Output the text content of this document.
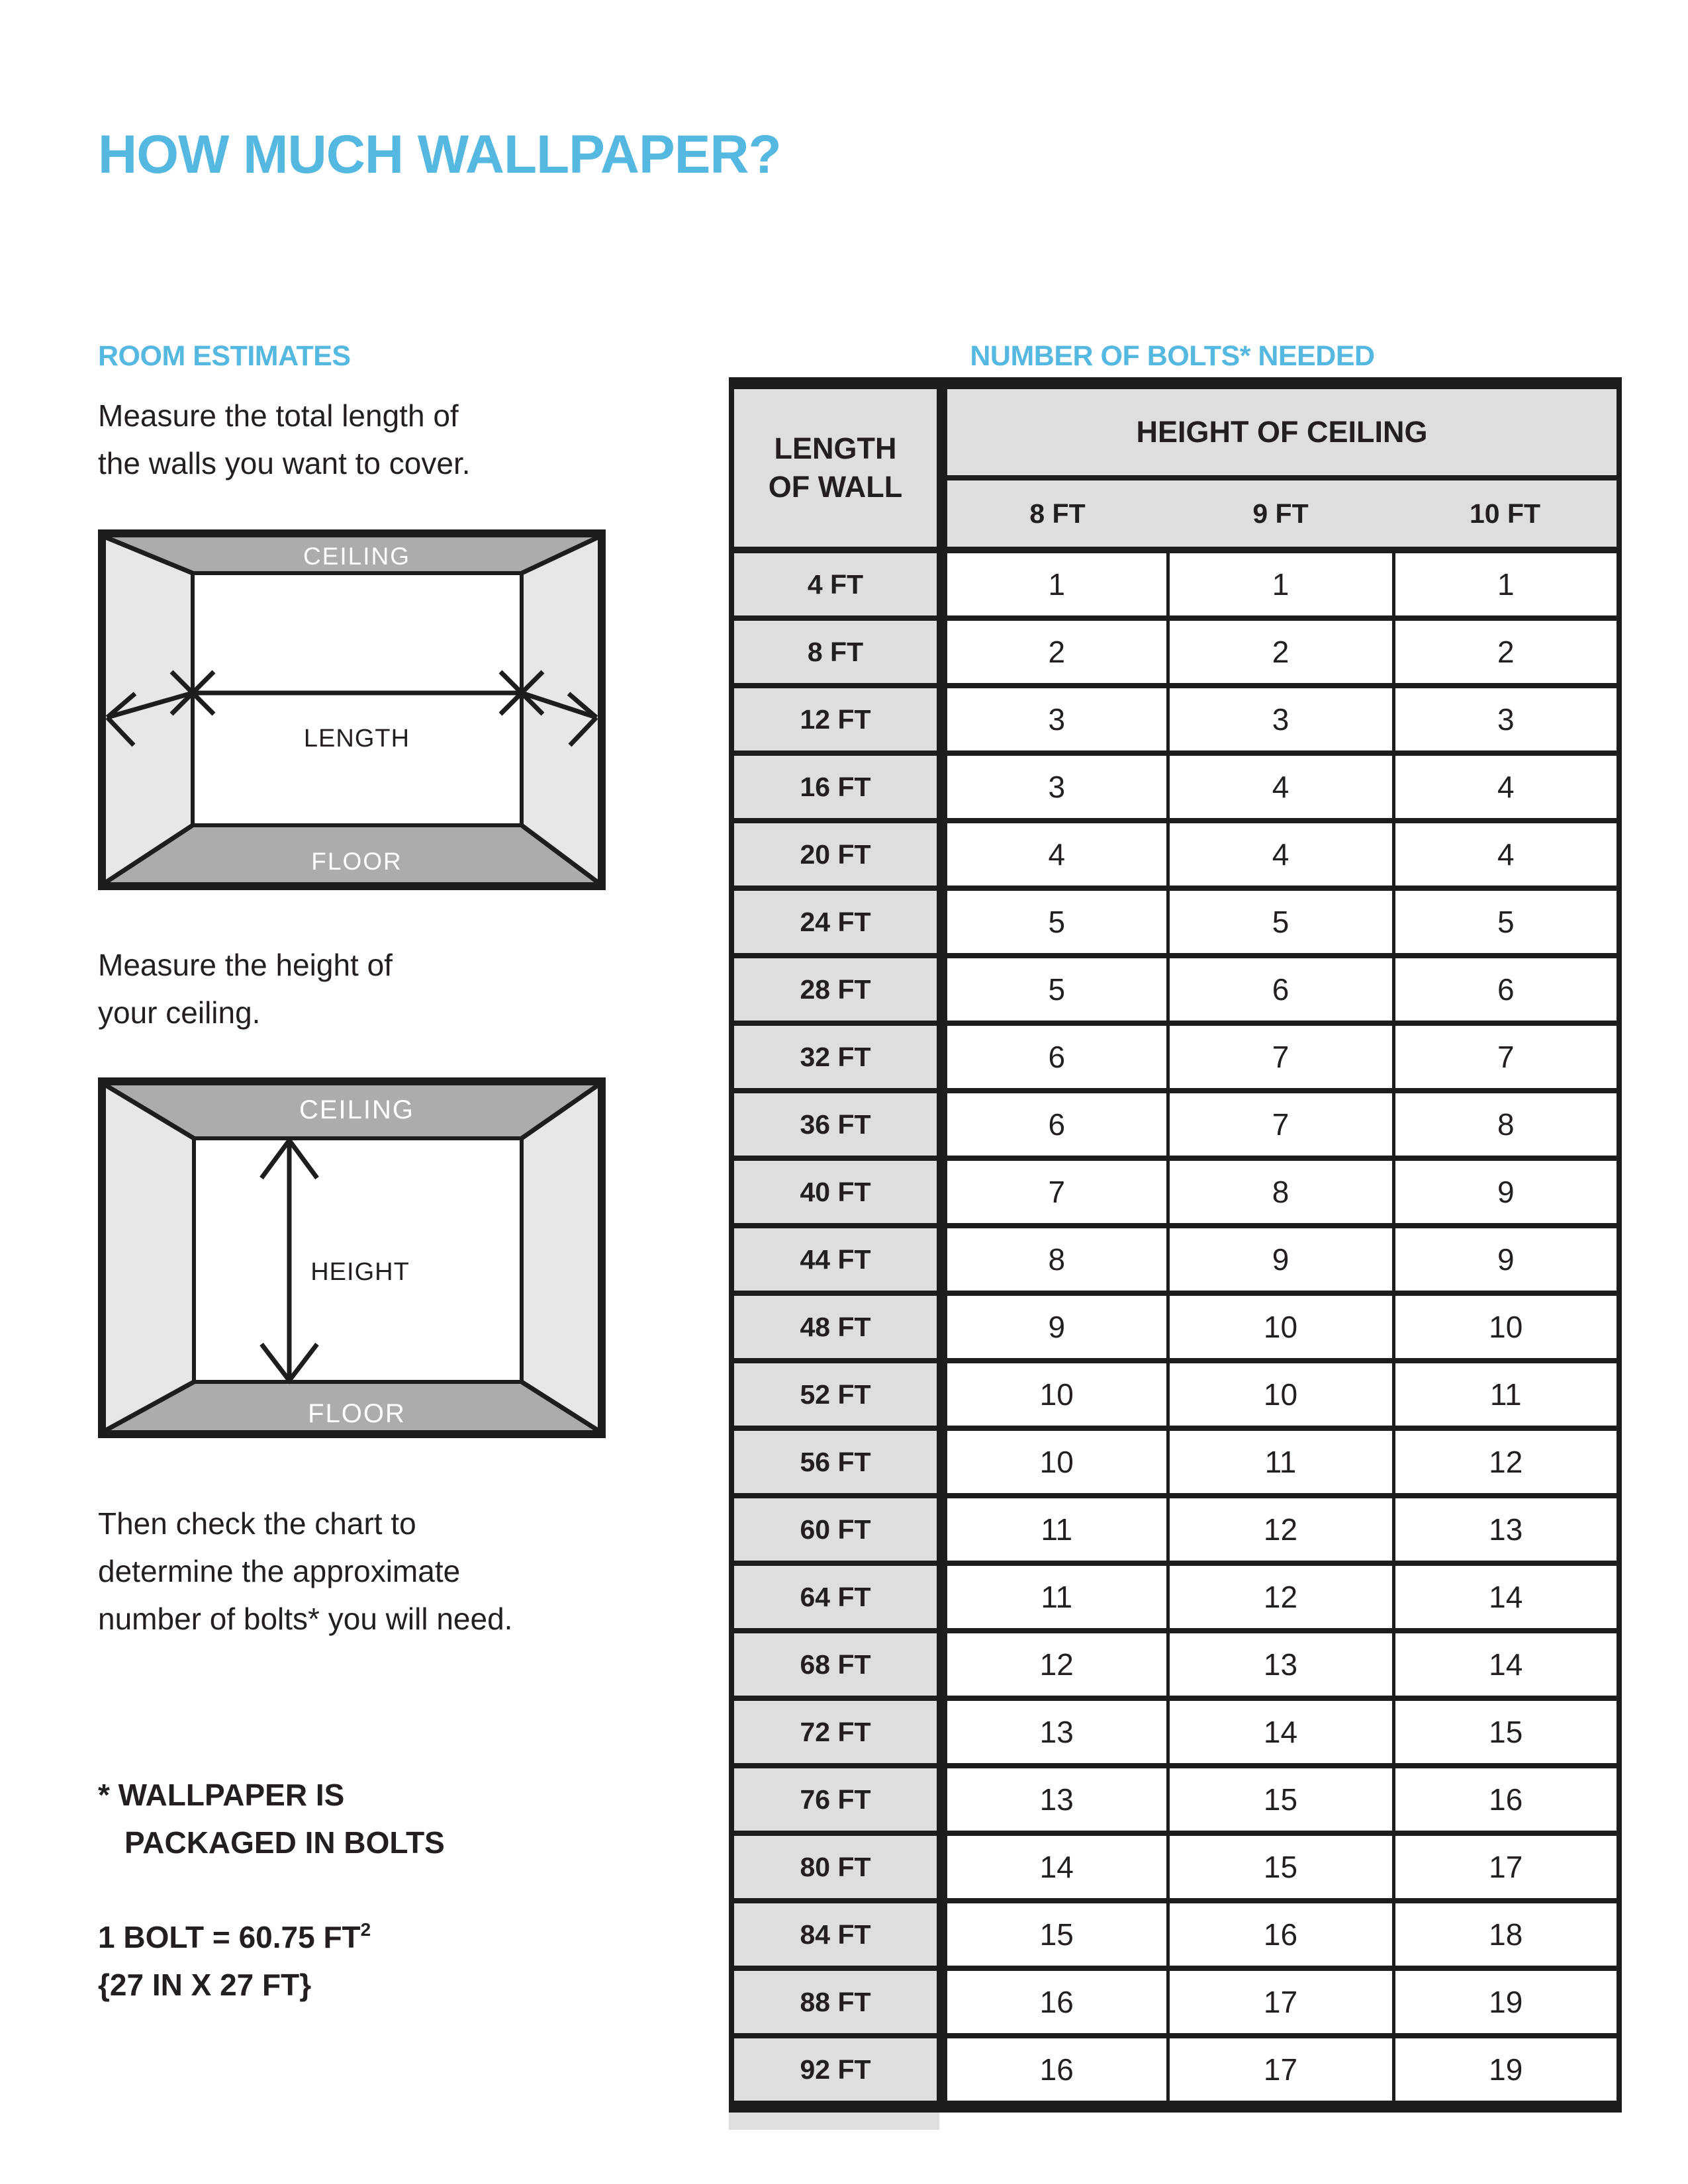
HOW MUCH WALLPAPER?
ROOM ESTIMATES
Measure the total length of
the walls you want to cover.
CEILING
FLOOR
LENGTH
Measure the height of
your ceiling.
CEILING
FLOOR
HEIGHT
Then check the chart to
determine the approximate
number of bolts* you will need.
* WALLPAPER IS
PACKAGED IN BOLTS
1 BOLT = 60.75 $FT^2$
{27 IN X 27 FT}
NUMBER OF BOLTS* NEEDED
LENGTH
OF WALL	HEIGHT OF CEILING		
	8 FT	9 FT	10 FT
4 FT	1	1	1
8 FT	2	2	2
12 FT	3	3	3
16 FT	3	4	4
20 FT	4	4	4
24 FT	5	5	5
28 FT	5	6	6
32 FT	6	7	7
36 FT	6	7	8
40 FT	7	8	9
44 FT	8	9	9
48 FT	9	10	10
52 FT	10	10	11
56 FT	10	11	12
60 FT	11	12	13
64 FT	11	12	14
68 FT	12	13	14
72 FT	13	14	15
76 FT	13	15	16
80 FT	14	15	17
84 FT	15	16	18
88 FT	16	17	19
92 FT	16	17	19
